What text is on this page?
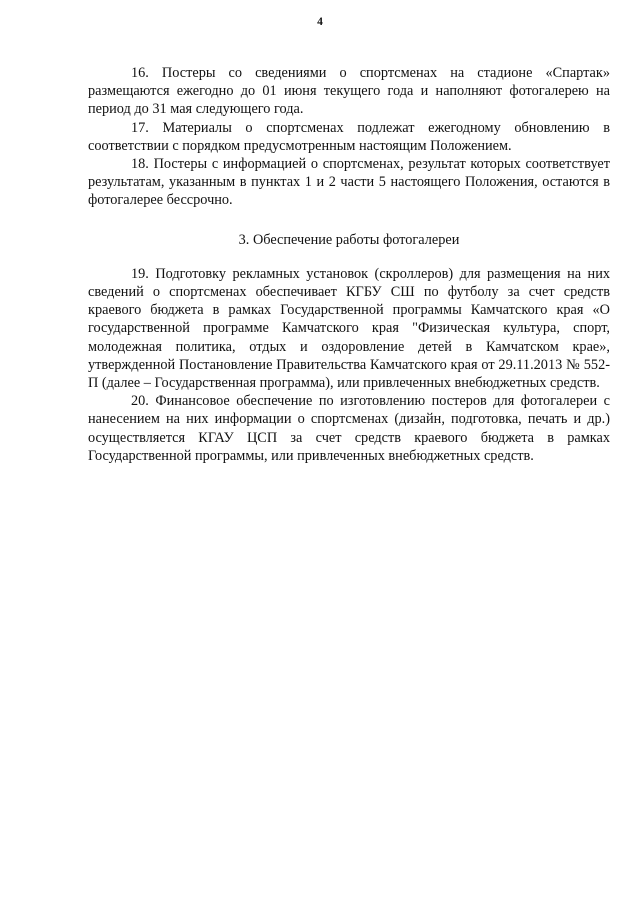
4

16. Постеры со сведениями о спортсменах на стадионе «Спартак» размещаются ежегодно до 01 июня текущего года и наполняют фотогалерею на период до 31 мая следующего года.

17. Материалы о спортсменах подлежат ежегодному обновлению в соответствии с порядком предусмотренным настоящим Положением.

18. Постеры с информацией о спортсменах, результат которых соответствует результатам, указанным в пунктах 1 и 2 части 5 настоящего Положения, остаются в фотогалерее бессрочно.

3. Обеспечение работы фотогалереи

19. Подготовку рекламных установок (скроллеров) для размещения на них сведений о спортсменах обеспечивает КГБУ СШ по футболу за счет средств краевого бюджета в рамках Государственной программы Камчатского края «О государственной программе Камчатского края "Физическая культура, спорт, молодежная политика, отдых и оздоровление детей в Камчатском крае», утвержденной Постановление Правительства Камчатского края от 29.11.2013 № 552-П (далее – Государственная программа), или привлеченных внебюджетных средств.

20. Финансовое обеспечение по изготовлению постеров для фотогалереи с нанесением на них информации о спортсменах (дизайн, подготовка, печать и др.) осуществляется КГАУ ЦСП за счет средств краевого бюджета в рамках Государственной программы, или привлеченных внебюджетных средств.
